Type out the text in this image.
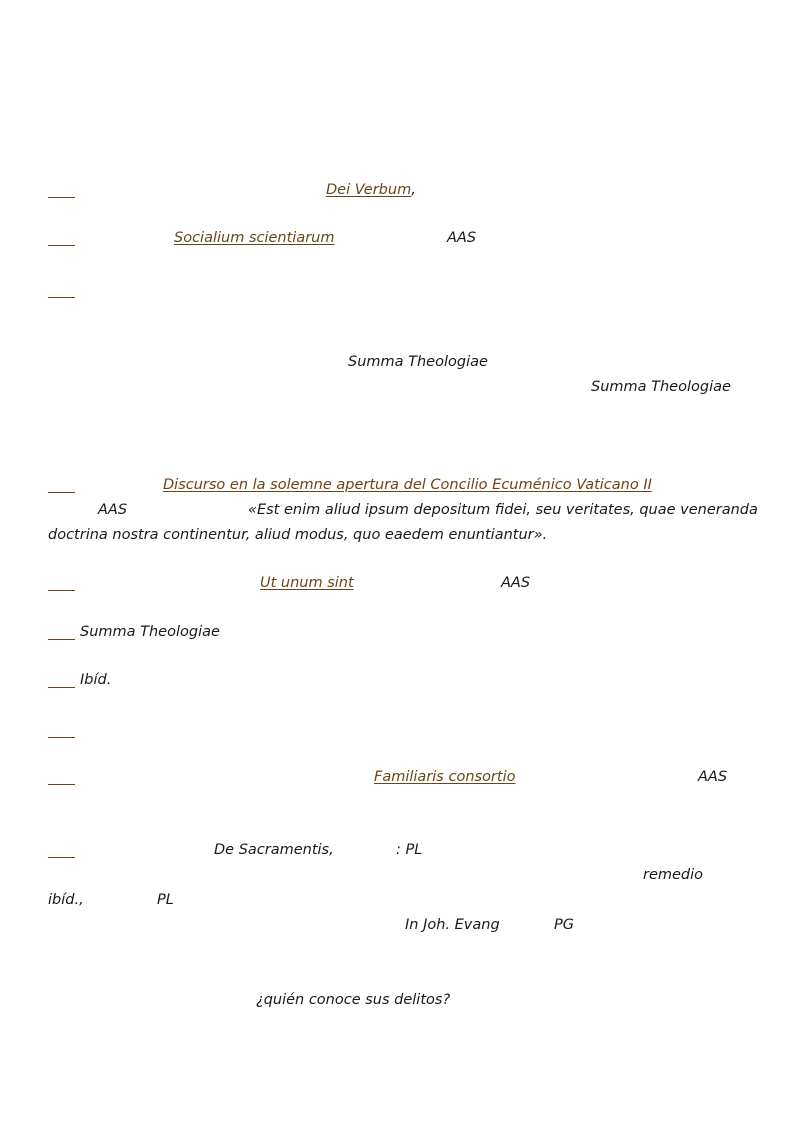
Dei Verbum,
Socialium scientiarum	AAS
Summa Theologiae
Summa Theologiae
Discurso en la solemne apertura del Concilio Ecuménico Vaticano II
AAS	«Est enim aliud ipsum depositum fidei, seu veritates, quae veneranda
doctrina nostra continentur, aliud modus, quo eaedem enuntiantur».
Ut unum sint	AAS
Summa Theologiae
Ibíd.
Familiaris consortio	AAS
De Sacramentis,	: PL
remedio
ibíd.,	PL
In Joh. Evang	PG
¿quién conoce sus delitos?
